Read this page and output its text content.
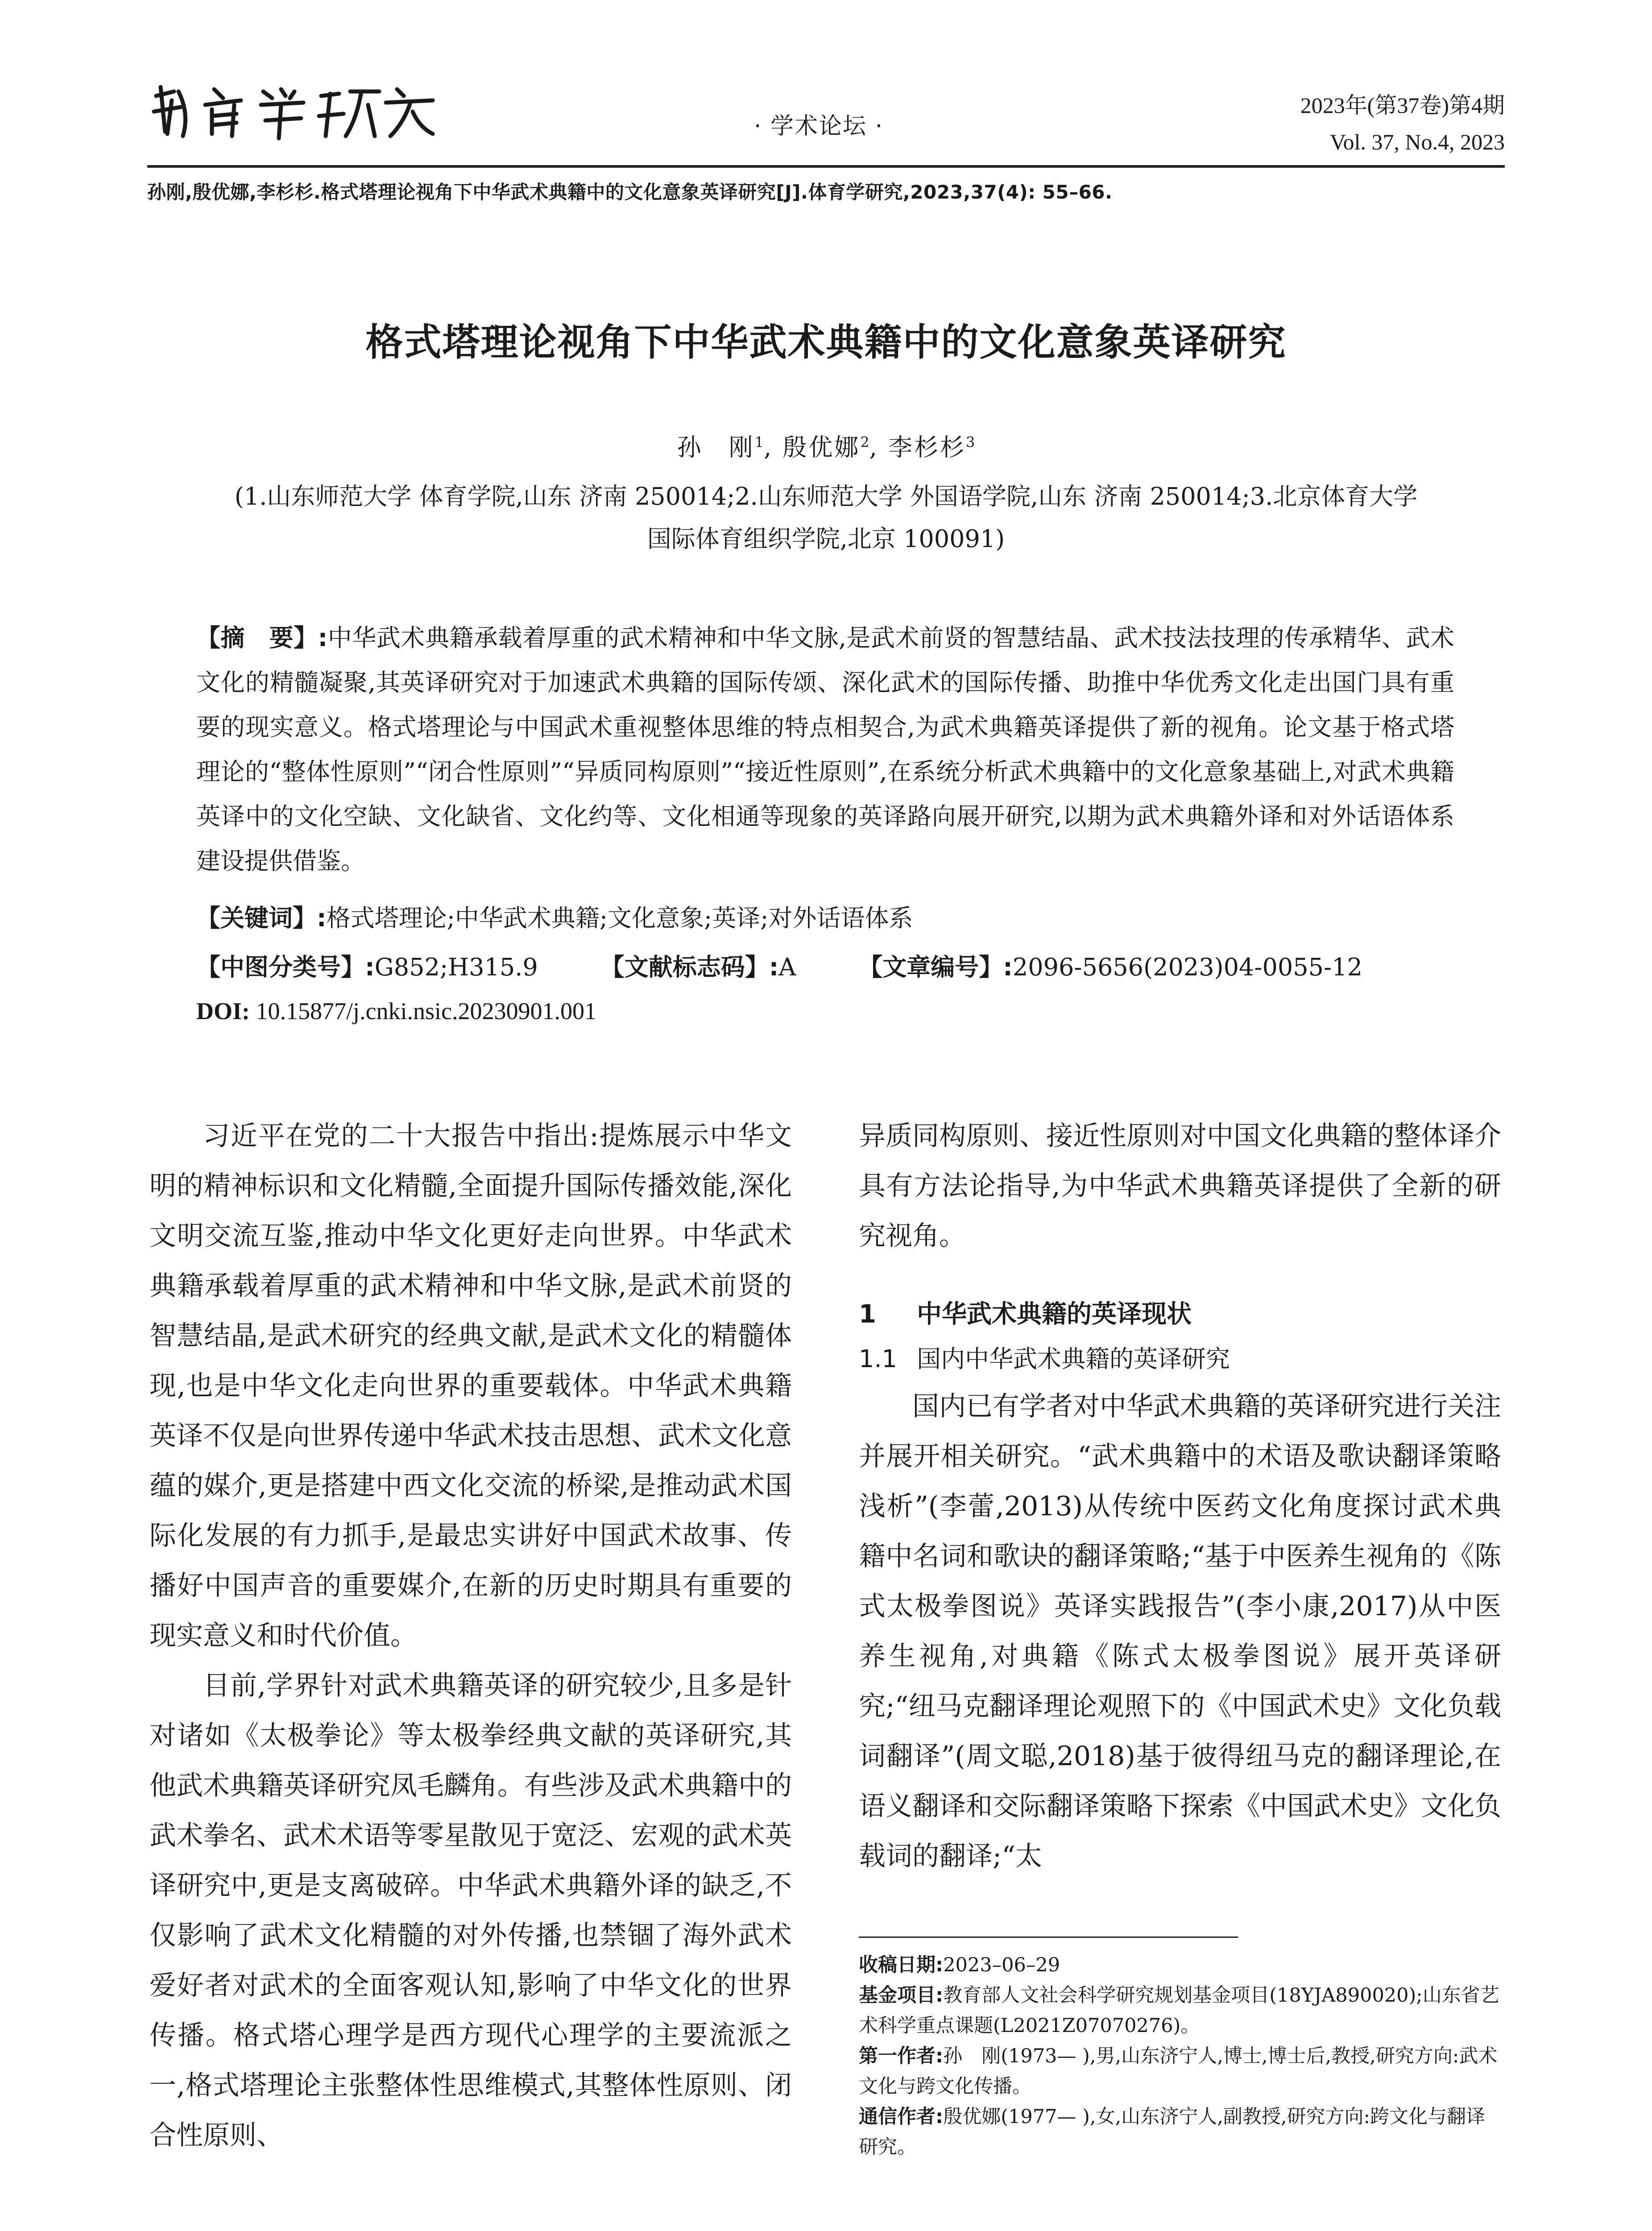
· 学术论坛 ·
2023年(第37卷)第4期
Vol. 37, No.4, 2023
孙刚,殷优娜,李杉杉.格式塔理论视角下中华武术典籍中的文化意象英译研究[J].体育学研究,2023,37(4): 55–66.
格式塔理论视角下中华武术典籍中的文化意象英译研究
孙　刚$^1$, 殷优娜$^2$, 李杉杉$^3$
(1.山东师范大学 体育学院,山东 济南 250014;2.山东师范大学 外国语学院,山东 济南 250014;3.北京体育大学
国际体育组织学院,北京 100091)
【摘　要】:中华武术典籍承载着厚重的武术精神和中华文脉,是武术前贤的智慧结晶、武术技法技理的传承精华、武术文化的精髓凝聚,其英译研究对于加速武术典籍的国际传颂、深化武术的国际传播、助推中华优秀文化走出国门具有重要的现实意义。格式塔理论与中国武术重视整体思维的特点相契合,为武术典籍英译提供了新的视角。论文基于格式塔理论的“整体性原则”“闭合性原则”“异质同构原则”“接近性原则”,在系统分析武术典籍中的文化意象基础上,对武术典籍英译中的文化空缺、文化缺省、文化约等、文化相通等现象的英译路向展开研究,以期为武术典籍外译和对外话语体系建设提供借鉴。
【关键词】:格式塔理论;中华武术典籍;文化意象;英译;对外话语体系
【中图分类号】:G852;H315.9	【文献标志码】:A	【文章编号】:2096-5656(2023)04-0055-12
DOI: 10.15877/j.cnki.nsic.20230901.001

习近平在党的二十大报告中指出:提炼展示中华文明的精神标识和文化精髓,全面提升国际传播效能,深化文明交流互鉴,推动中华文化更好走向世界。中华武术典籍承载着厚重的武术精神和中华文脉,是武术前贤的智慧结晶,是武术研究的经典文献,是武术文化的精髓体现,也是中华文化走向世界的重要载体。中华武术典籍英译不仅是向世界传递中华武术技击思想、武术文化意蕴的媒介,更是搭建中西文化交流的桥梁,是推动武术国际化发展的有力抓手,是最忠实讲好中国武术故事、传播好中国声音的重要媒介,在新的历史时期具有重要的现实意义和时代价值。

目前,学界针对武术典籍英译的研究较少,且多是针对诸如《太极拳论》等太极拳经典文献的英译研究,其他武术典籍英译研究凤毛麟角。有些涉及武术典籍中的武术拳名、武术术语等零星散见于宽泛、宏观的武术英译研究中,更是支离破碎。中华武术典籍外译的缺乏,不仅影响了武术文化精髓的对外传播,也禁锢了海外武术爱好者对武术的全面客观认知,影响了中华文化的世界传播。格式塔心理学是西方现代心理学的主要流派之一,格式塔理论主张整体性思维模式,其整体性原则、闭合性原则、

异质同构原则、接近性原则对中国文化典籍的整体译介具有方法论指导,为中华武术典籍英译提供了全新的研究视角。

1 中华武术典籍的英译现状
1.1 国内中华武术典籍的英译研究

国内已有学者对中华武术典籍的英译研究进行关注并展开相关研究。“武术典籍中的术语及歌诀翻译策略浅析”(李蕾,2013)从传统中医药文化角度探讨武术典籍中名词和歌诀的翻译策略;“基于中医养生视角的《陈式太极拳图说》英译实践报告”(李小康,2017)从中医养生视角,对典籍《陈式太极拳图说》展开英译研究;“纽马克翻译理论观照下的《中国武术史》文化负载词翻译”(周文聪,2018)基于彼得纽马克的翻译理论,在语义翻译和交际翻译策略下探索《中国武术史》文化负载词的翻译;“太

收稿日期:2023–06–29

基金项目:教育部人文社会科学研究规划基金项目(18YJA890020);山东省艺术科学重点课题(L2021Z07070276)。

第一作者:孙　刚(1973— ),男,山东济宁人,博士,博士后,教授,研究方向:武术文化与跨文化传播。

通信作者:殷优娜(1977— ),女,山东济宁人,副教授,研究方向:跨文化与翻译研究。
